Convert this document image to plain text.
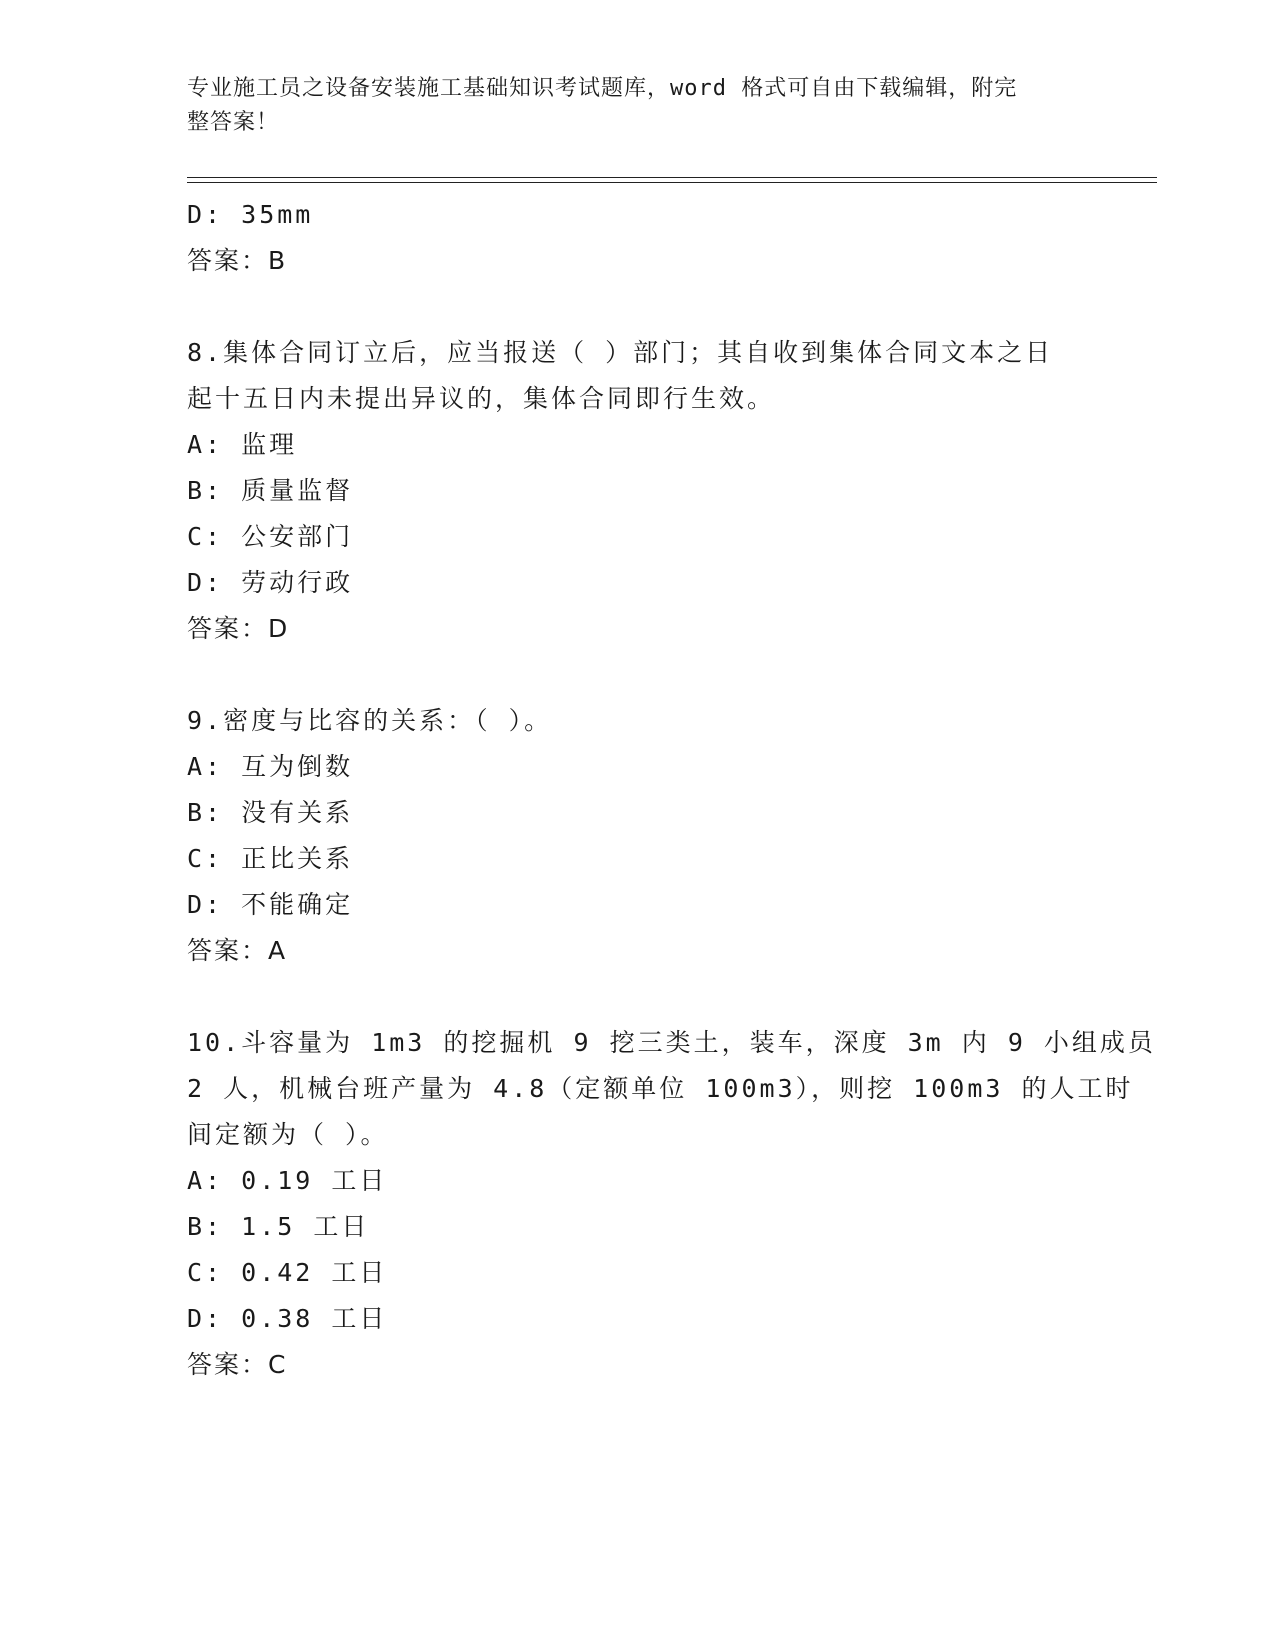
专业施工员之设备安装施工基础知识考试题库，word 格式可自由下载编辑，附完
整答案！
D: 35mm
答案：B
8.集体合同订立后，应当报送（ ）部门；其自收到集体合同文本之日
起十五日内未提出异议的，集体合同即行生效。
A: 监理
B: 质量监督
C: 公安部门
D: 劳动行政
答案：D
9.密度与比容的关系：（ ）。
A: 互为倒数
B: 没有关系
C: 正比关系
D: 不能确定
答案：A
10.斗容量为 1m3 的挖掘机 9 挖三类土，装车，深度 3m 内 9 小组成员
2 人，机械台班产量为 4.8（定额单位 100m3），则挖 100m3 的人工时
间定额为（ ）。
A: 0.19 工日
B: 1.5 工日
C: 0.42 工日
D: 0.38 工日
答案：C
